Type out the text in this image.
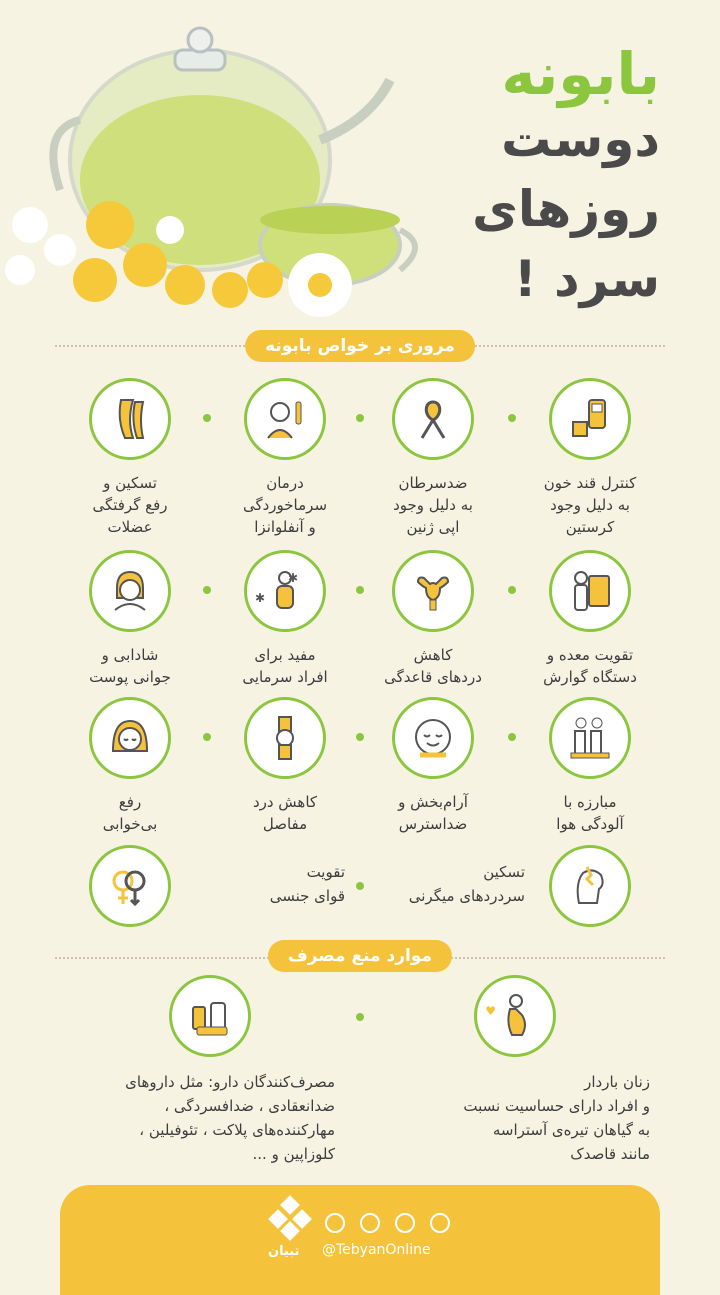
بابونه
دوست
روزهای
سرد !
مروری بر خواص بابونه
کنترل قند خون
به دلیل وجود
کرستین
ضدسرطان
به دلیل وجود
اپی ژنین
درمان
سرماخوردگی
و آنفلوانزا
تسکین و
رفع گرفتگی
عضلات
تقویت معده و
دستگاه گوارش
کاهش
دردهای قاعدگی
✱
✱
مفید برای
افراد سرمایی
شادابی و
جوانی پوست
مبارزه با
آلودگی هوا
آرام‌بخش و
ضداسترس
کاهش درد
مفاصل
رفع
بی‌خوابی
تسکین
سردردهای میگرنی
تقویت
قوای جنسی
موارد منع مصرف
♥
زنان باردار
و افراد دارای حساسیت نسبت
به گیاهان تیره‌ی آستراسه
مانند قاصدک
مصرف‌کنندگان دارو: مثل داروهای
ضدانعقادی ، ضدافسردگی ،
مهارکننده‌های پلاکت ، تئوفیلین ،
کلوزاپین و ...
تبیان @TebyanOnline
